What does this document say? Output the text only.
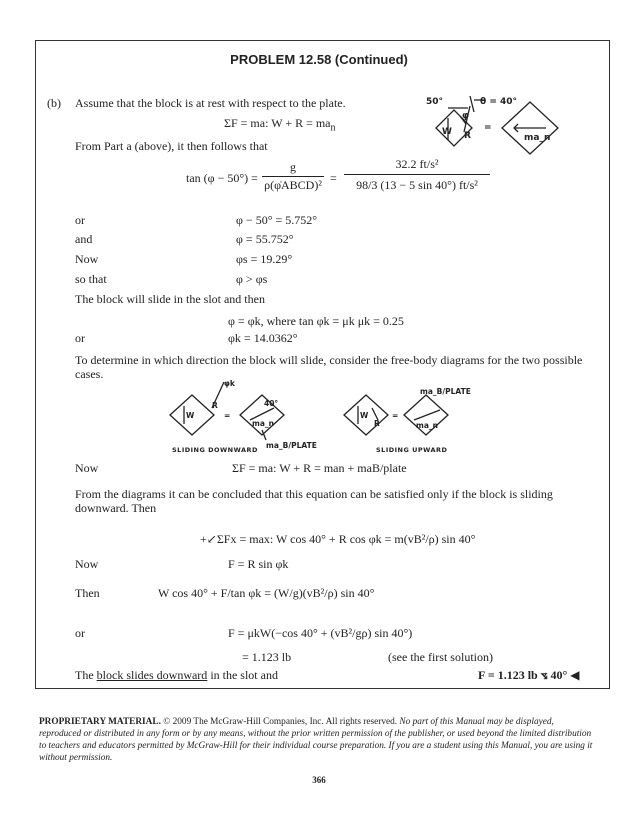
PROBLEM 12.58 (Continued)
(b) Assume that the block is at rest with respect to the plate.
ΣF = ma: $W + R = ma_n$
From Part a (above), it then follows that
tan (φ − 50°) =
g
ρ(φ̇ABCD)² =
32.2 ft/s²
98/3 (13 − 5 sin 40°) ft/s²
or	φ − 50° = 5.752°
and	φ = 55.752°
Now	φs = 19.29°
so that	φ > φs
The block will slide in the slot and then
φ = φk, where tan φk = μk μk = 0.25
or	φk = 14.0362°
To determine in which direction the block will slide, consider the free-body diagrams for the two possible cases.
Now	ΣF = ma: W + R = man + maB/plate
From the diagrams it can be concluded that this equation can be satisfied only if the block is sliding downward. Then
+↙ΣFx = max: W cos 40° + R cos φk = m(vB²/ρ) sin 40°
Now	F = R sin φk
Then	W cos 40° + F/tan φk = (W/g)(vB²/ρ) sin 40°
or	F = μkW(−cos 40° + (vB²/gρ) sin 40°)
= 1.123 lb	(see the first solution)
The block slides downward in the slot and	F = 1.123 lb ⦪ 40° ◀
50°
φ
θ = 40°
W R
=
ma_n
φk
W
R
=
40°
ma_n
ma_B/PLATE
SLIDING DOWNWARD
W
R
=
ma_n
ma_B/PLATE
SLIDING UPWARD
PROPRIETARY MATERIAL. © 2009 The McGraw-Hill Companies, Inc. All rights reserved. No part of this Manual may be displayed, reproduced or distributed in any form or by any means, without the prior written permission of the publisher, or used beyond the limited distribution to teachers and educators permitted by McGraw-Hill for their individual course preparation. If you are a student using this Manual, you are using it without permission.
366
